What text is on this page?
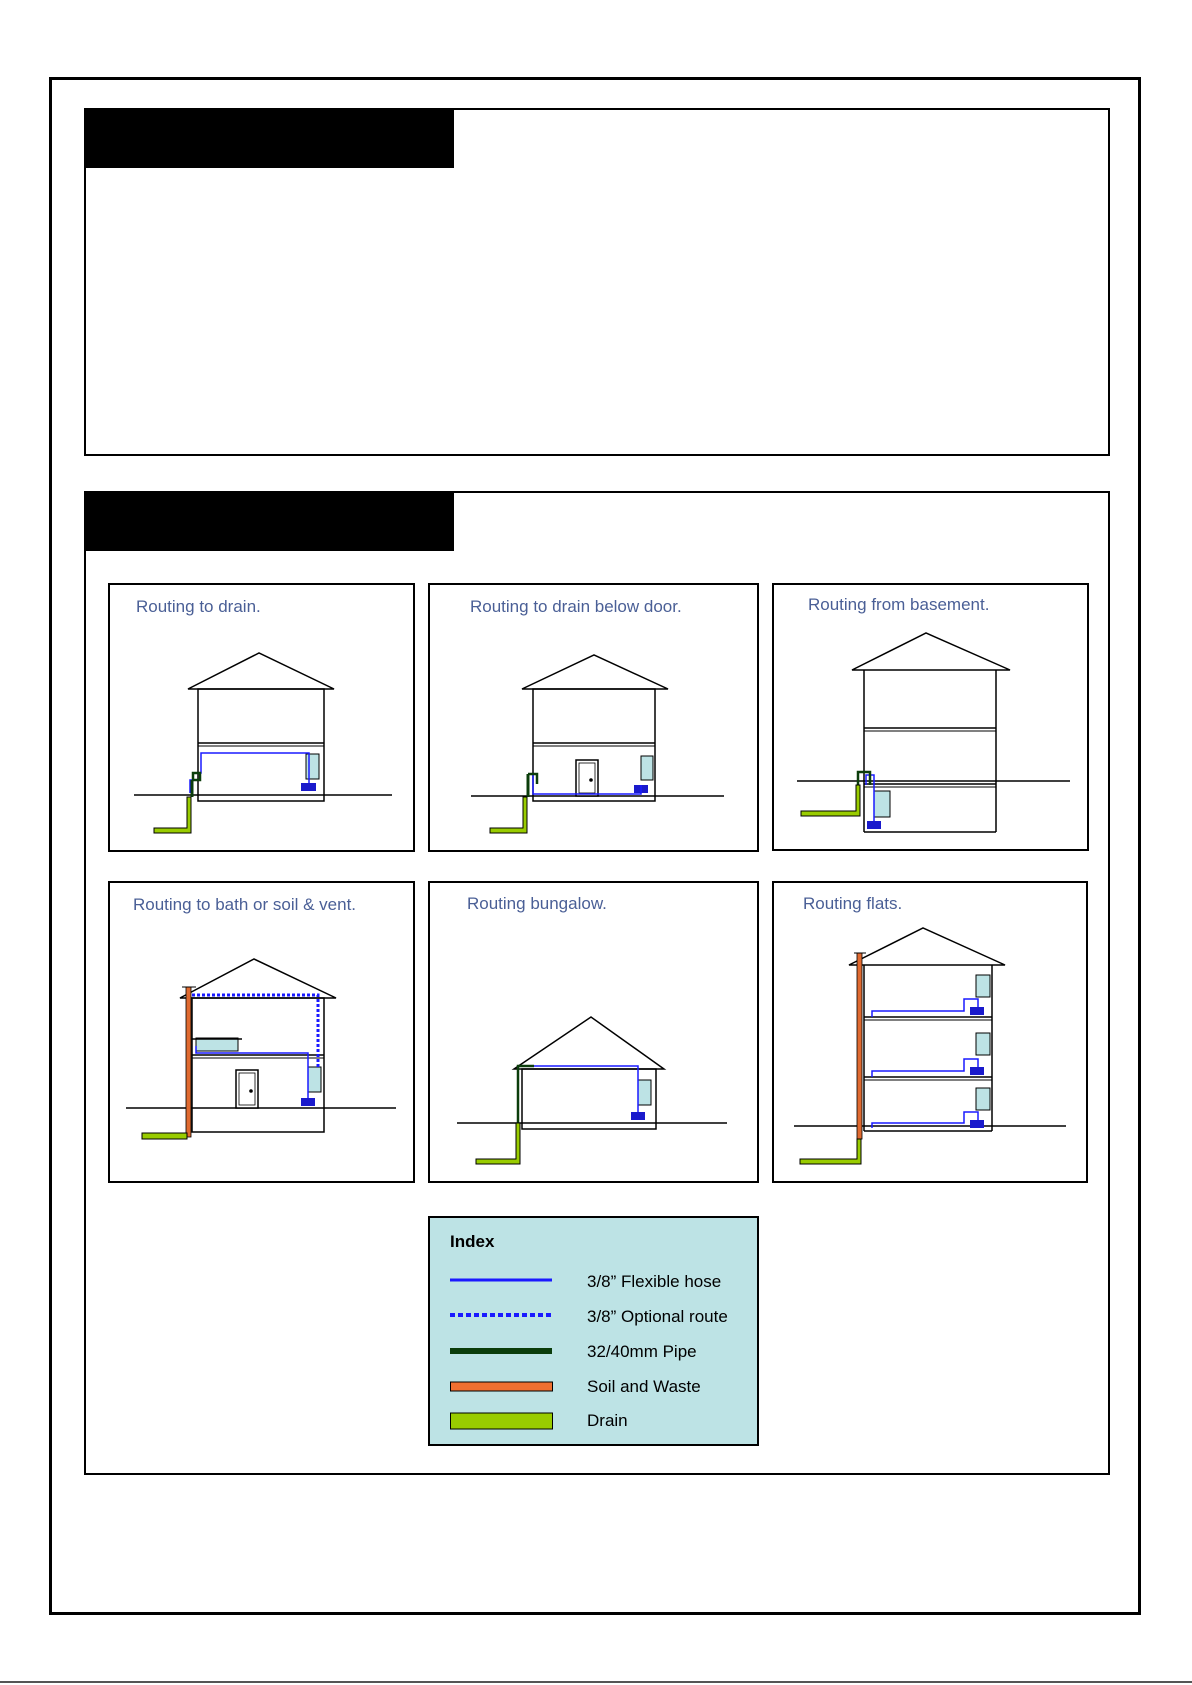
Routing to drain.	Routing to drain below door.	Routing from basement.
Routing to bath or soil & vent.	Routing bungalow.	Routing flats.
Index
3/8” Flexible hose
3/8” Optional route
32/40mm Pipe
Soil and Waste
Drain
